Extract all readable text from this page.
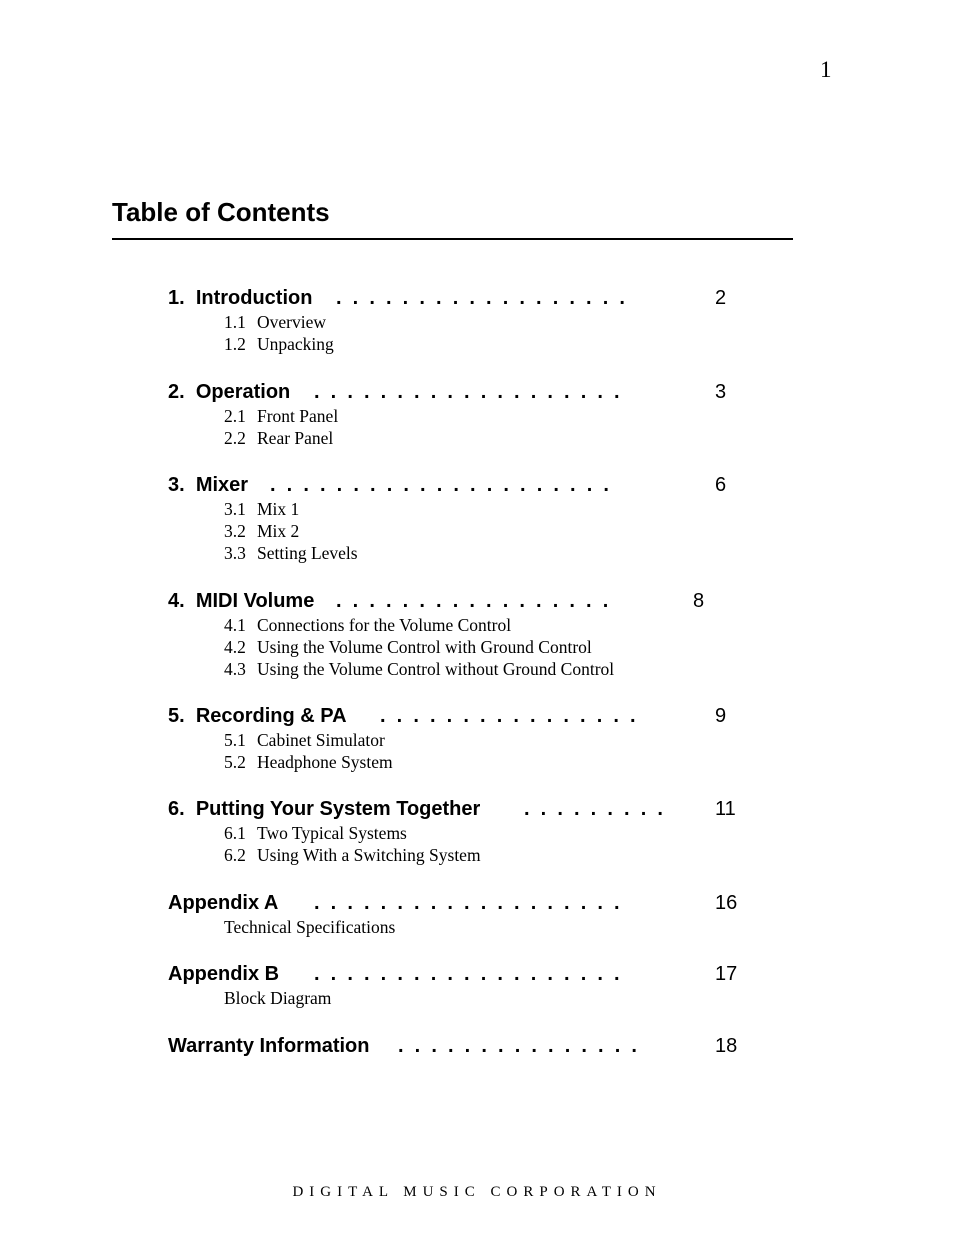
1
Table of Contents
1. Introduction .  .  .  .  .  .  .  .  .  .  .  .  .  .  .  .  .  .	2
1.1 Overview
1.2 Unpacking
2. Operation .  .  .  .  .  .  .  .  .  .  .  .  .  .  .  .  .  .  .	3
2.1 Front Panel
2.2 Rear Panel
3. Mixer .  .  .  .  .  .  .  .  .  .  .  .  .  .  .  .  .  .  .  .  .	6
3.1 Mix 1
3.2 Mix 2
3.3 Setting Levels
4. MIDI Volume .  .  .  .  .  .  .  .  .  .  .  .  .  .  .  .  .	8
4.1 Connections for the Volume Control
4.2 Using the Volume Control with Ground Control
4.3 Using the Volume Control without Ground Control
5. Recording & PA .  .  .  .  .  .  .  .  .  .  .  .  .  .  .  .	9
5.1 Cabinet Simulator
5.2 Headphone System
6. Putting Your System Together .  .  .  .  .  .  .  .  .	11
6.1 Two Typical Systems
6.2 Using With a Switching System
Appendix A .  .  .  .  .  .  .  .  .  .  .  .  .  .  .  .  .  .  .	16
Technical Specifications
Appendix B .  .  .  .  .  .  .  .  .  .  .  .  .  .  .  .  .  .  .	17
Block Diagram
Warranty Information .  .  .  .  .  .  .  .  .  .  .  .  .  .  .	18
DIGITAL MUSIC CORPORATION
